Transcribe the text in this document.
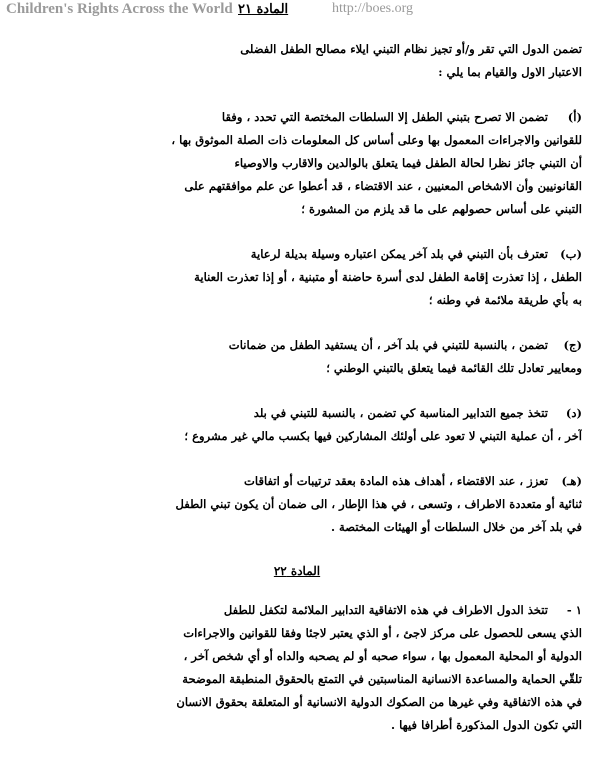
Children's Rights Across the World المادة ٢١	http://boes.org
تضمن الدول التي تقر و/أو تجيز نظام التبني ايلاء مصالح الطفل الفضلى
الاعتبار الاول والقيام بما يلي :
(أ)تضمن الا تصرح بتبني الطفل إلا السلطات المختصة التي تحدد ، وفقا
للقوانين والاجراءات المعمول بها وعلى أساس كل المعلومات ذات الصلة الموثوق بها ،
أن التبني جائز نظرا لحالة الطفل فيما يتعلق بالوالدين والاقارب والاوصياء
القانونيين وأن الاشخاص المعنيين ، عند الاقتضاء ، قد أعطوا عن علم موافقتهم على
التبني على أساس حصولهم على ما قد يلزم من المشورة ؛
(ب)تعترف بأن التبني في بلد آخر يمكن اعتباره وسيلة بديلة لرعاية
الطفل ، إذا تعذرت إقامة الطفل لدى أسرة حاضنة أو متبنية ، أو إذا تعذرت العناية
به بأي طريقة ملائمة في وطنه ؛
(ج)تضمن ، بالنسبة للتبني في بلد آخر ، أن يستفيد الطفل من ضمانات
ومعايير تعادل تلك القائمة فيما يتعلق بالتبني الوطني ؛
(د)تتخذ جميع التدابير المناسبة كي تضمن ، بالنسبة للتبني في بلد
آخر ، أن عملية التبني لا تعود على أولئك المشاركين فيها بكسب مالي غير مشروع ؛
(هـ)تعزز ، عند الاقتضاء ، أهداف هذه المادة بعقد ترتيبات أو اتفاقات
ثنائية أو متعددة الاطراف ، وتسعى ، في هذا الإطار ، الى ضمان أن يكون تبني الطفل
في بلد آخر من خلال السلطات أو الهيئات المختصة .
المادة ٢٢
١ -تتخذ الدول الاطراف في هذه الاتفاقية التدابير الملائمة لتكفل للطفل
الذي يسعى للحصول على مركز لاجئ ، أو الذي يعتبر لاجئا وفقا للقوانين والاجراءات
الدولية أو المحلية المعمول بها ، سواء صحبه أو لم يصحبه والداه أو أي شخص آخر ،
تلقّي الحماية والمساعدة الانسانية المناسبتين في التمتع بالحقوق المنطبقة الموضحة
في هذه الاتفاقية وفي غيرها من الصكوك الدولية الانسانية أو المتعلقة بحقوق الانسان
التي تكون الدول المذكورة أطرافا فيها .
